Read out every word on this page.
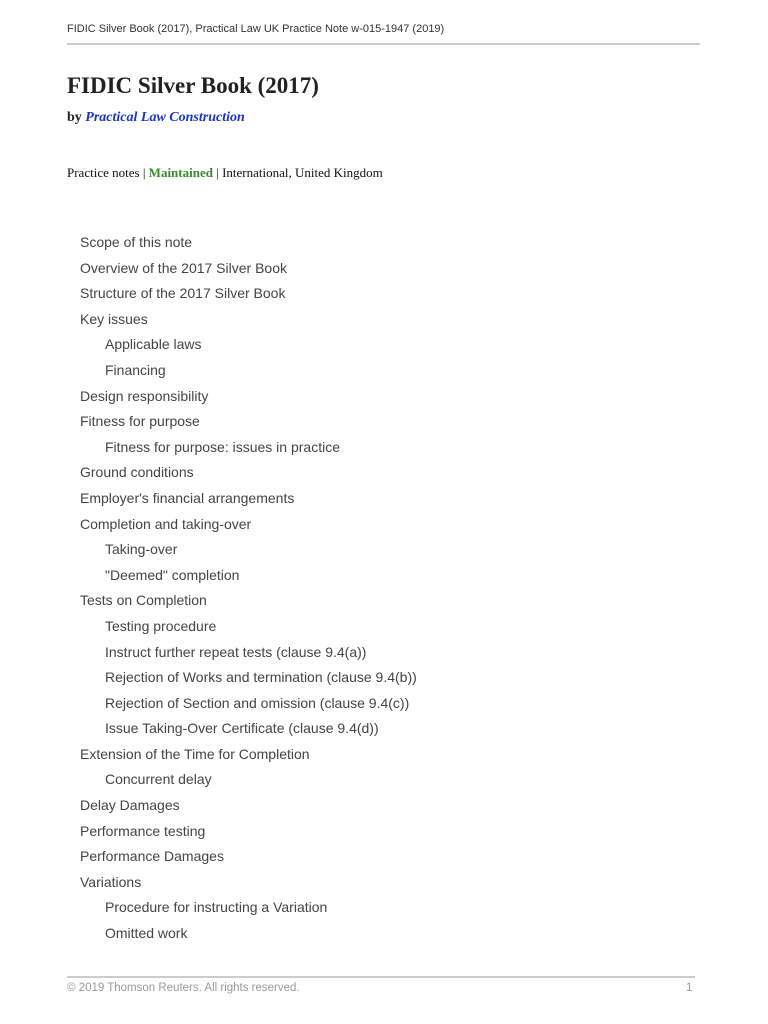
FIDIC Silver Book (2017), Practical Law UK Practice Note w-015-1947 (2019)
FIDIC Silver Book (2017)
by Practical Law Construction
Practice notes | Maintained | International, United Kingdom
Scope of this note
Overview of the 2017 Silver Book
Structure of the 2017 Silver Book
Key issues
Applicable laws
Financing
Design responsibility
Fitness for purpose
Fitness for purpose: issues in practice
Ground conditions
Employer's financial arrangements
Completion and taking-over
Taking-over
"Deemed" completion
Tests on Completion
Testing procedure
Instruct further repeat tests (clause 9.4(a))
Rejection of Works and termination (clause 9.4(b))
Rejection of Section and omission (clause 9.4(c))
Issue Taking-Over Certificate (clause 9.4(d))
Extension of the Time for Completion
Concurrent delay
Delay Damages
Performance testing
Performance Damages
Variations
Procedure for instructing a Variation
Omitted work
© 2019 Thomson Reuters. All rights reserved.	1
